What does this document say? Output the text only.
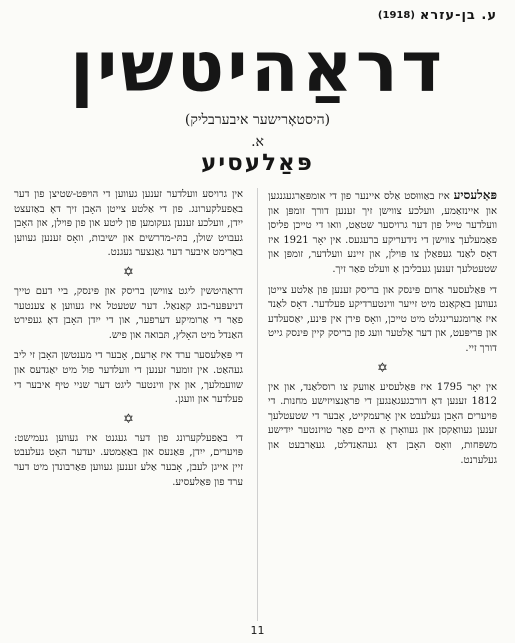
ע. בן-עזרא
(1918)
דראַהיטשין
(היסטאָרישער איבערבליק)
א.
פּאַלעסיע

פּאַלעסיע איז באַוווּסט אַלס איינער פון די אומפּאַרגעגנגען און איינזאַמע, וועלכע צווישן זיך זענען דורך זומפּן און וועלדער טייל פון דער גרויסער שטאַט, וואו די טייכן פליסן פאַמעלעך צווישן די נידעריקע ברעגעס. אין יאָר 1921 איז דאָס לאַנד געפאַלן צו פּוילן, און זיינע וועלדער, זומפּן און שטעטלעך זענען געבליבן אַ וועלט פאַר זיך.

די פּאַלעסער אַרום פּינסק און בריסק זענען פון אַלטע צייטן געווען באַקאַנט מיט זייער ווינטערדיקע פעלדער. דאָס לאַנד איז אַרומגערינגלט מיט טייכן, וואָס פירן אין פּינע, יאַסעלדע און פּריפּעט, און דער אַלטער וועג פון בריסק קיין פּינסק גייט דורך זיי.

✡

אין יאָר 1795 איז פּאַלעסיע אַוועק צו רוסלאַנד, און אין 1812 זענען דאָ דורכגעגאַנגען די פראַנצויזישע מחנות. די פּויערים האָבן געלעבט אין אָרעמקייט, אָבער די שטעטלעך זענען געוואַקסן און געוואָרן אַ היים פאַר טויזנטער ייִדישע משפּחות, וואָס האָבן דאָ געהאַנדלט, געאַרבעט און געלערנט.

אין גרויסע וועלדער זענען געווען די הויפּט-שטיצן פון דער באַפעלקערונג. פון די אַלטע צייטן האָבן זיך דאָ באַזעצט ייִדן, וועלכע זענען געקומען פון ליטע און פון פּוילן, און האָבן געבויט שולן, בתּי-מדרשים און ישיבות, וואָס זענען געווען באַרימט איבער דער גאַנצער געגנט.

✡

דראַהיטשין ליגט צווישן בריסק און פּינסק, ביי דעם טייך דניעפּער-בוג קאַנאַל. דער שטעטל איז געווען אַ צענטער פאַר די אַרומיקע דערפער, און די ייִדן האָבן דאָ געפירט האַנדל מיט האָלץ, תּבואה און פיש.

די פּאַלעסער ערד איז אָרעם, אָבער די מענטשן האָבן זי ליב געהאַט. אין זומער זענען די וועלדער פול מיט יאַגדעס און שוועמלעך, און אין ווינטער ליגט דער שניי טיף איבער די פעלדער און וועגן.

✡

די באַפעלקערונג פון דער געגנט איז געווען געמישט: פּויערים, ייִדן, פּאַנעס און באַאַמטע. יעדער האָט געלעבט זיין אייגן לעבן, אָבער אַלע זענען געווען פאַרבונדן מיט דער ערד פון פּאַלעסיע.

11
